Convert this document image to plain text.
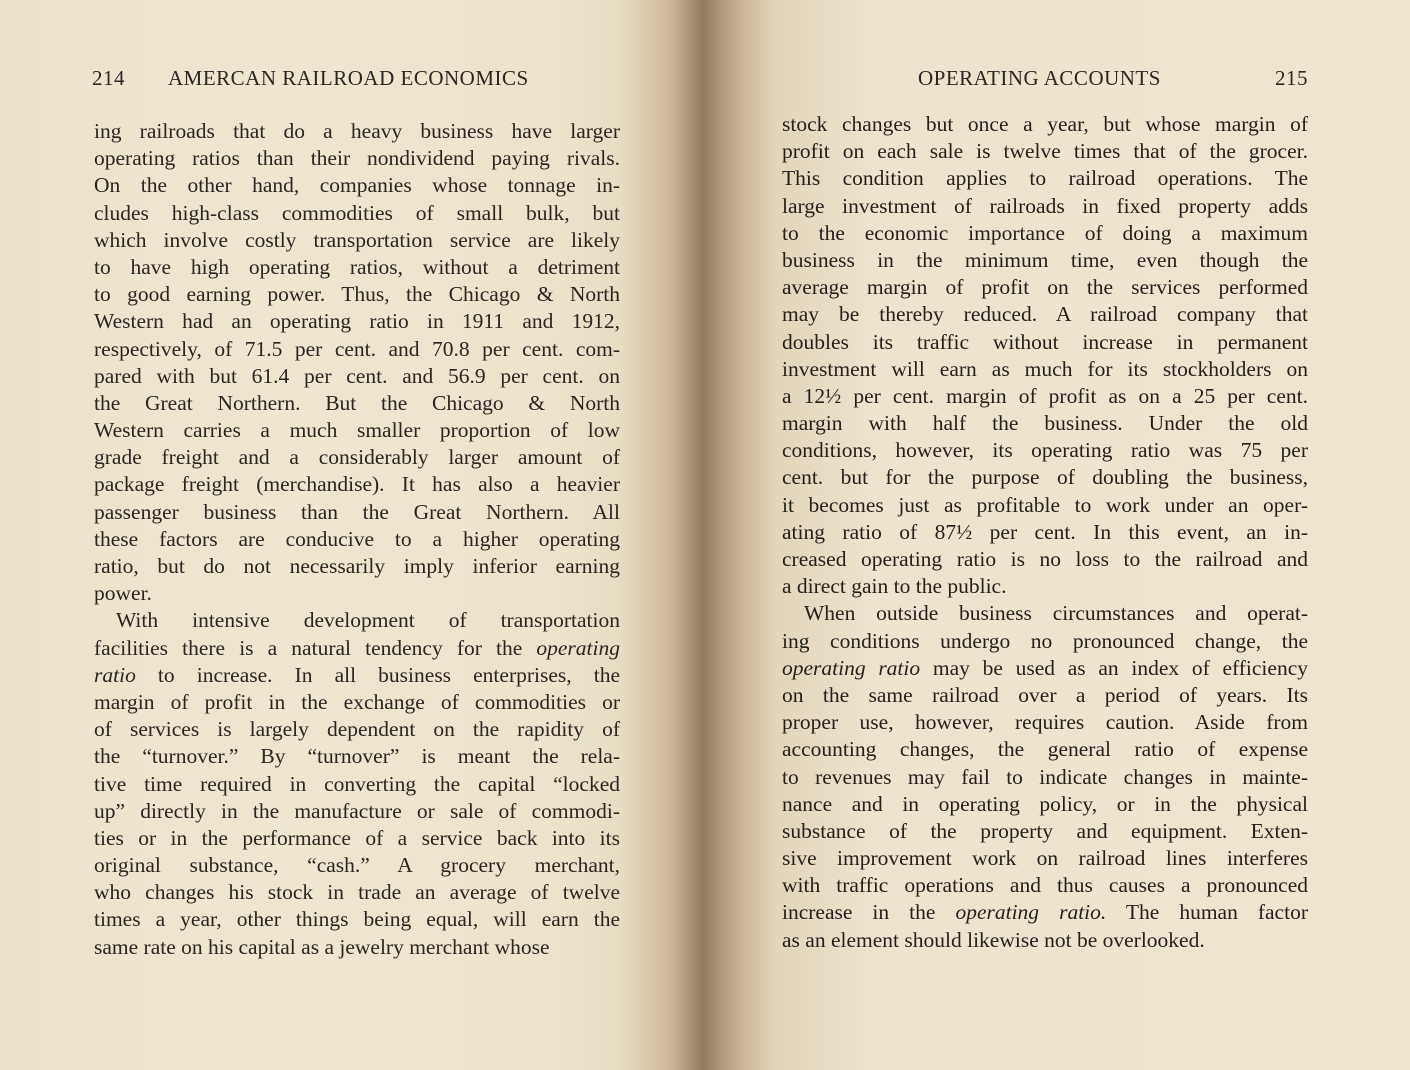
214 AMERCAN RAILROAD ECONOMICS
ing railroads that do a heavy business have larger
operating ratios than their nondividend paying rivals.
On the other hand, companies whose tonnage in-
cludes high-class commodities of small bulk, but
which involve costly transportation service are likely
to have high operating ratios, without a detriment
to good earning power. Thus, the Chicago & North
Western had an operating ratio in 1911 and 1912,
respectively, of 71.5 per cent. and 70.8 per cent. com-
pared with but 61.4 per cent. and 56.9 per cent. on
the Great Northern. But the Chicago & North
Western carries a much smaller proportion of low
grade freight and a considerably larger amount of
package freight (merchandise). It has also a heavier
passenger business than the Great Northern. All
these factors are conducive to a higher operating
ratio, but do not necessarily imply inferior earning
power.
With intensive development of transportation
facilities there is a natural tendency for the operating
ratio to increase. In all business enterprises, the
margin of profit in the exchange of commodities or
of services is largely dependent on the rapidity of
the “turnover.” By “turnover” is meant the rela-
tive time required in converting the capital “locked
up” directly in the manufacture or sale of commodi-
ties or in the performance of a service back into its
original substance, “cash.” A grocery merchant,
who changes his stock in trade an average of twelve
times a year, other things being equal, will earn the
same rate on his capital as a jewelry merchant whose
OPERATING ACCOUNTS	215
stock changes but once a year, but whose margin of
profit on each sale is twelve times that of the grocer.
This condition applies to railroad operations. The
large investment of railroads in fixed property adds
to the economic importance of doing a maximum
business in the minimum time, even though the
average margin of profit on the services performed
may be thereby reduced. A railroad company that
doubles its traffic without increase in permanent
investment will earn as much for its stockholders on
a 12½ per cent. margin of profit as on a 25 per cent.
margin with half the business. Under the old
conditions, however, its operating ratio was 75 per
cent. but for the purpose of doubling the business,
it becomes just as profitable to work under an oper-
ating ratio of 87½ per cent. In this event, an in-
creased operating ratio is no loss to the railroad and
a direct gain to the public.
When outside business circumstances and operat-
ing conditions undergo no pronounced change, the
operating ratio may be used as an index of efficiency
on the same railroad over a period of years. Its
proper use, however, requires caution. Aside from
accounting changes, the general ratio of expense
to revenues may fail to indicate changes in mainte-
nance and in operating policy, or in the physical
substance of the property and equipment. Exten-
sive improvement work on railroad lines interferes
with traffic operations and thus causes a pronounced
increase in the operating ratio. The human factor
as an element should likewise not be overlooked.
